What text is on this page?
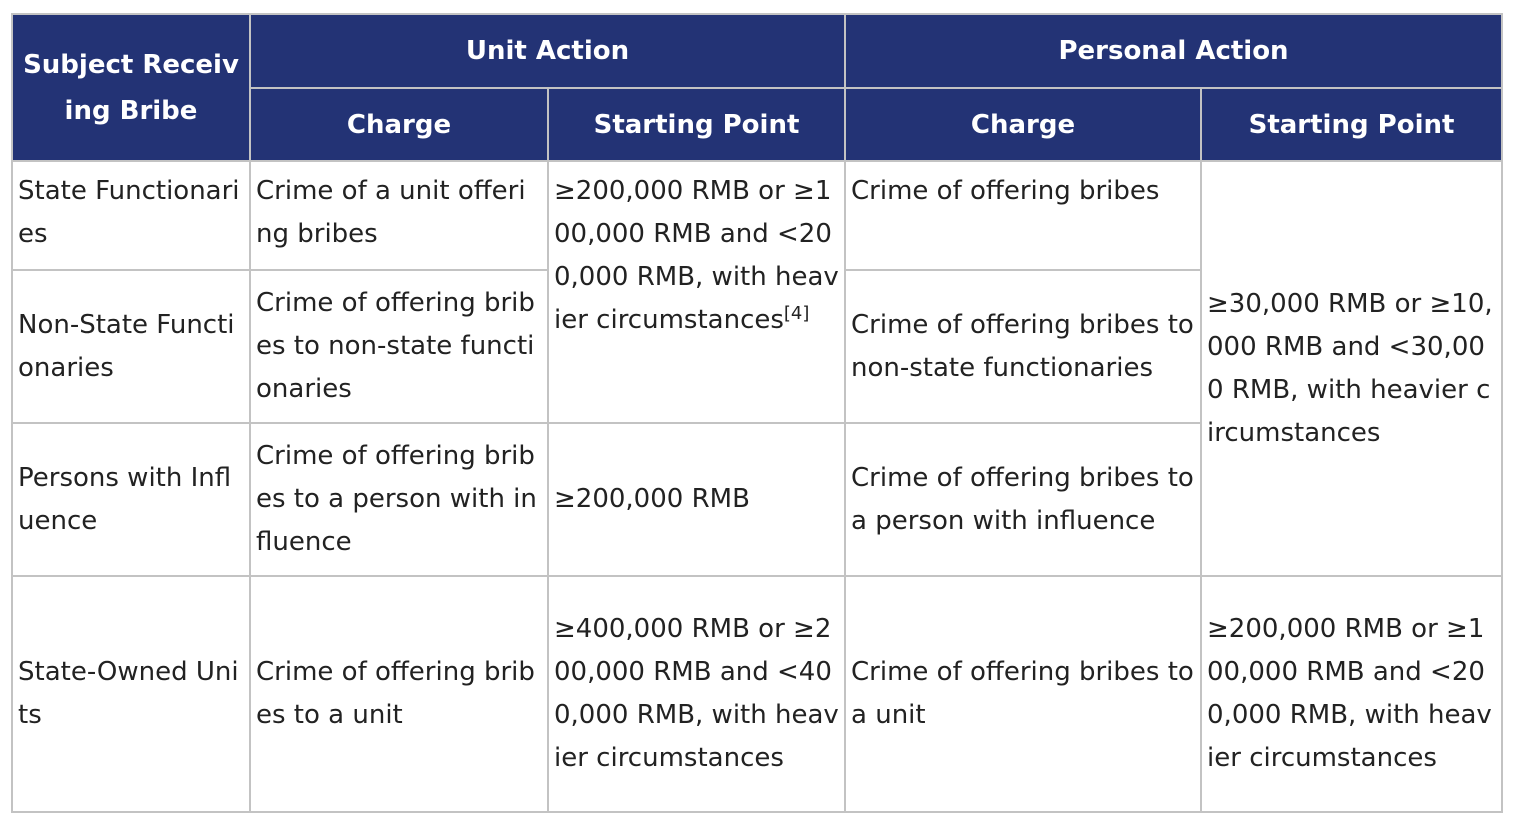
Subject Receiving Bribe	Unit Action		Personal Action	
	Charge	Starting Point	Charge	Starting Point
State Functionaries	Crime of a unit offering bribes	≥200,000 RMB or ≥100,000 RMB and <200,000 RMB, with heavier circumstances[4]	Crime of offering bribes	≥30,000 RMB or ≥10,000 RMB and <30,000 RMB, with heavier circumstances
Non-State Functionaries	Crime of offering bribes to non-state functionaries		Crime of offering bribes to non-state functionaries	
Persons with Influence	Crime of offering bribes to a person with influence	≥200,000 RMB	Crime of offering bribes to a person with influence	
State-Owned Units	Crime of offering bribes to a unit	≥400,000 RMB or ≥200,000 RMB and <400,000 RMB, with heavier circumstances	Crime of offering bribes to a unit	≥200,000 RMB or ≥100,000 RMB and <200,000 RMB, with heavier circumstances
